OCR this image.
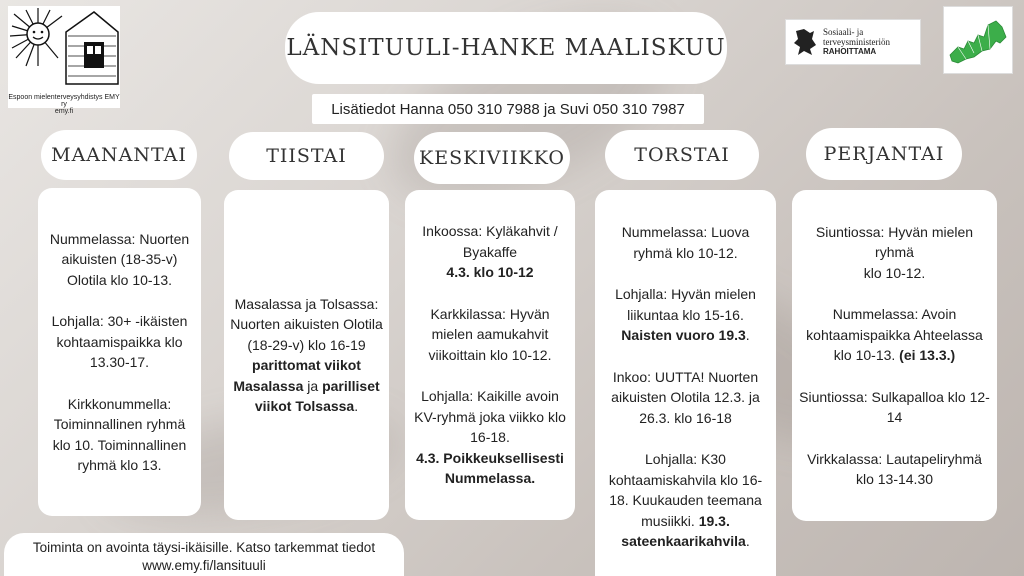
Espoon mielenterveysyhdistys EMY ry
emy.fi
LÄNSITUULI-HANKE MAALISKUU
Lisätiedot Hanna 050 310 7988 ja Suvi 050 310 7987
Sosiaali- ja
terveysministeriön
RAHOITTAMA
MAANANTAI	TIISTAI	KESKIVIIKKO	TORSTAI	PERJANTAI

Nummelassa: Nuorten aikuisten (18-35-v) Olotila klo 10-13.

Lohjalla: 30+ -ikäisten kohtaamispaikka klo 13.30-17.

Kirkkonummella: Toiminnallinen ryhmä klo 10. Toiminnallinen ryhmä klo 13.

Masalassa ja Tolsassa: Nuorten aikuisten Olotila (18-29-v) klo 16-19 parittomat viikot Masalassa ja parilliset viikot Tolsassa.

Inkoossa: Kyläkahvit / Byakaffe
4.3. klo 10-12

Karkkilassa: Hyvän mielen aamukahvit viikoittain klo 10-12.

Lohjalla: Kaikille avoin KV-ryhmä joka viikko klo 16-18.
4.3. Poikkeuksellisesti Nummelassa.

Nummelassa: Luova ryhmä klo 10-12.

Lohjalla: Hyvän mielen liikuntaa klo 15-16. Naisten vuoro 19.3.

Inkoo: UUTTA! Nuorten aikuisten Olotila 12.3. ja 26.3. klo 16-18

Lohjalla: K30 kohtaamiskahvila klo 16-18. Kuukauden teemana musiikki. 19.3. sateenkaarikahvila.

Siuntiossa: Hyvän mielen ryhmä
klo 10-12.

Nummelassa: Avoin kohtaamispaikka Ahteelassa klo 10-13. (ei 13.3.)

Siuntiossa: Sulkapalloa klo 12-14

Virkkalassa: Lautapeliryhmä klo 13-14.30

Toiminta on avointa täysi-ikäisille. Katso tarkemmat tiedot
www.emy.fi/lansituuli
